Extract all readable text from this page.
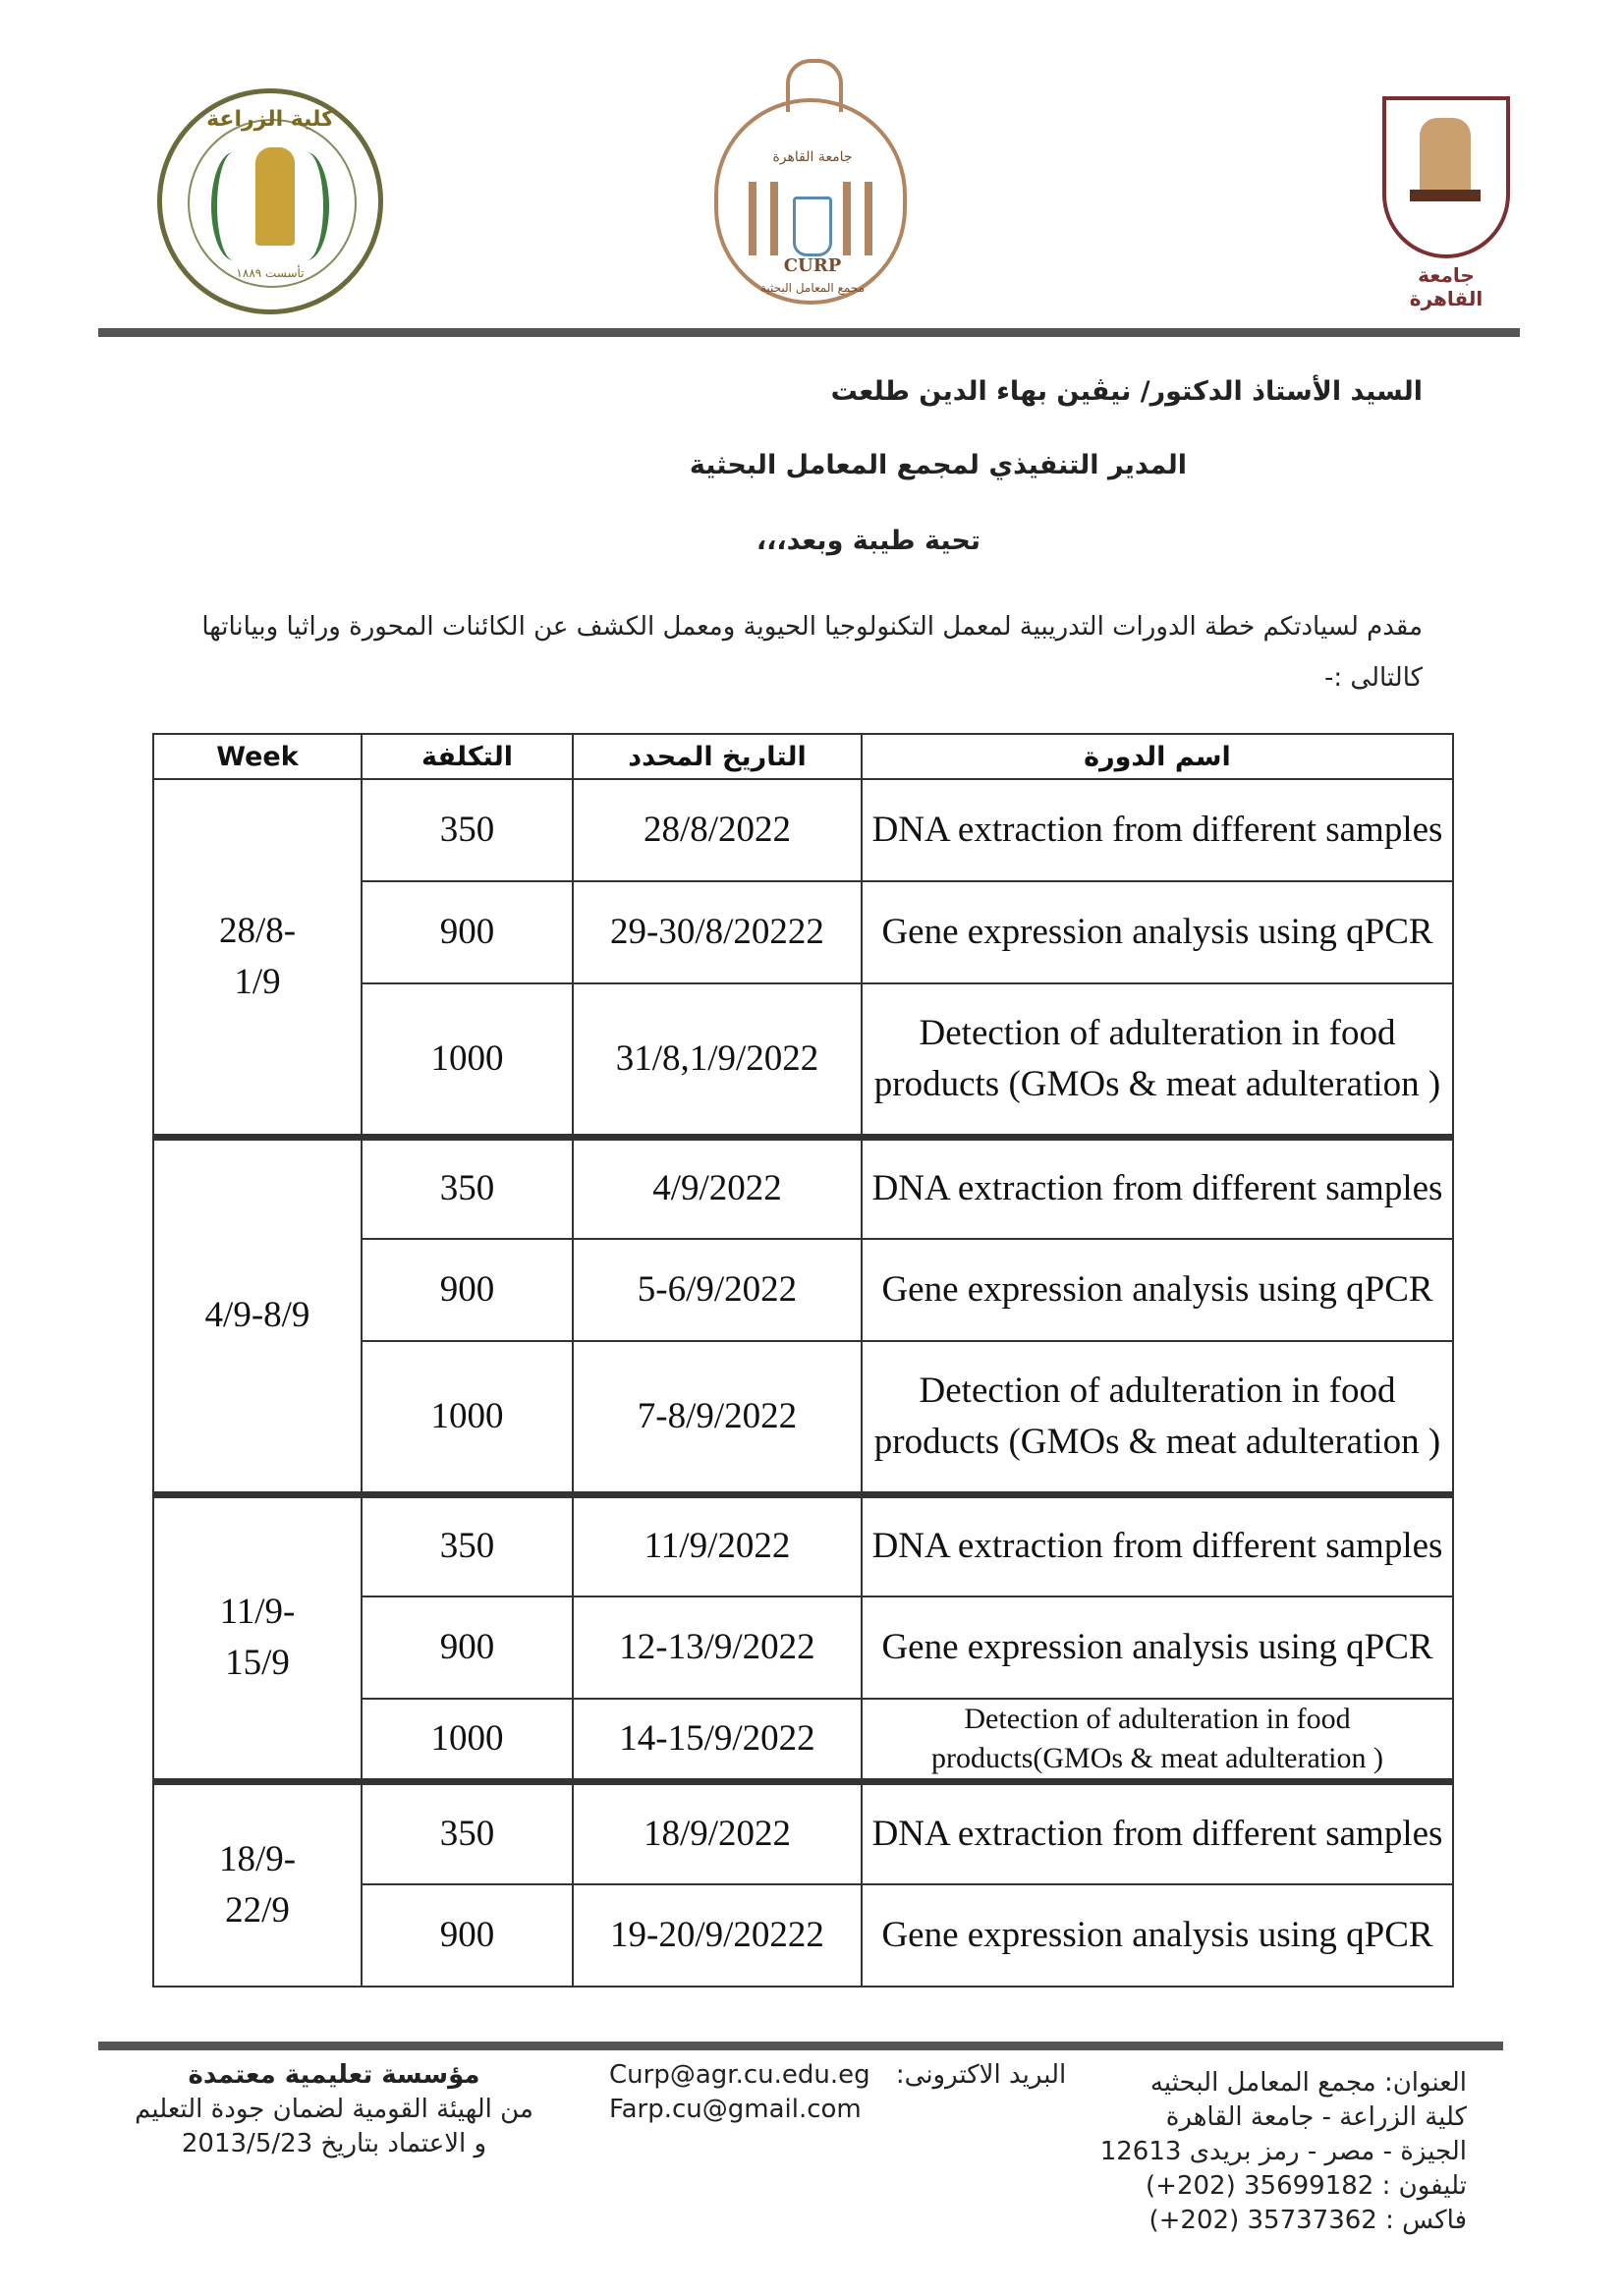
كلية الزراعة
تأسست ١٨٨٩
جامعة القاهرة
CURP
مجمع المعامل البحثية
جامعة القاهرة
السيد الأستاذ الدكتور/ نيڤين بهاء الدين طلعت
المدير التنفيذي لمجمع المعامل البحثية
تحية طيبة وبعد،،،
مقدم لسيادتكم خطة الدورات التدريبية لمعمل التكنولوجيا الحيوية ومعمل الكشف عن الكائنات المحورة وراثيا وبياناتها كالتالى :-
Week	التكلفة	التاريخ المحدد	اسم الدورة
28/8-
1/9	350	28/8/2022	DNA extraction from different samples
	900	29-30/8/20222	Gene expression analysis using qPCR
	1000	31/8,1/9/2022	Detection of adulteration in food products (GMOs & meat adulteration )
4/9-8/9	350	4/9/2022	DNA extraction from different samples
	900	5-6/9/2022	Gene expression analysis using qPCR
	1000	7-8/9/2022	Detection of adulteration in food products (GMOs & meat adulteration )
11/9-
15/9	350	11/9/2022	DNA extraction from different samples
	900	12-13/9/2022	Gene expression analysis using qPCR
	1000	14-15/9/2022	Detection of adulteration in food products(GMOs & meat adulteration )
18/9-
22/9	350	18/9/2022	DNA extraction from different samples
	900	19-20/9/20222	Gene expression analysis using qPCR
مؤسسة تعليمية معتمدة
من الهيئة القومية لضمان جودة التعليم
و الاعتماد بتاريخ 2013/5/23
Curp@agr.cu.edu.eg البريد الاكترونى:
Farp.cu@gmail.com
العنوان: مجمع المعامل البحثيه
كلية الزراعة - جامعة القاهرة
الجيزة - مصر - رمز بريدى 12613
تليفون : 35699182 (202+)
فاكس : 35737362 (202+)
